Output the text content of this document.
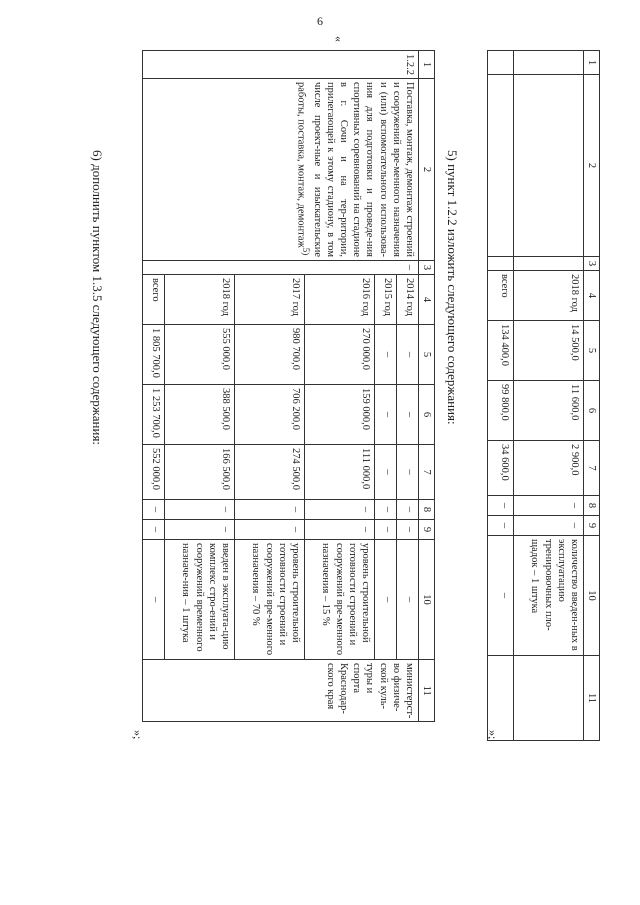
6
1	2	3	4	5	6	7	8	9	10	11
			2018 год	14 500,0	11 600,0	2 900,0	–	–	количество введен-ных в эксплуатацию тренировочных пло-щадок – 1 штука	
			всего	134 400,0	99 800,0	34 600,0	–	–	–	
»;
5) пункт 1.2.2 изложить следующего содержания:
«
1	2	3	4	5	6	7	8	9	10	11
1.2.2	Поставка, монтаж, демонтаж строений и сооружений вре-менного назначения и (или) вспомогательного использова-ния для подготовки и проведе-ния спортивных соревнований на стадионе в г. Сочи и на тер-ритории, прилегающей к этому стадиону, в том числе проект-ные и изыскательские работы, поставка, монтаж, демонтаж$^{5)}$	–	2014 год	–	–	–	–	–	–	министерст-во физиче-ской куль-туры и спорта Краснодар-ского края
			2015 год	–	–	–	–	–	–	
			2016 год	270 000,0	159 000,0	111 000,0	–	–	уровень строительной готовности строений и сооружений вре-менного назначения – 15 %	
			2017 год	980 700,0	706 200,0	274 500,0	–	–	уровень строительной готовности строений и сооружений вре-менного назначения – 70 %	
			2018 год	555 000,0	388 500,0	166 500,0	–	–	введен в эксплуата-цию комплекс стро-ений и сооружений временного назначе-ния – 1 штука	
			всего	1 805 700,0	1 253 700,0	552 000,0	–	–	–	
»;
6) дополнить пунктом 1.3.5 следующего содержания:
